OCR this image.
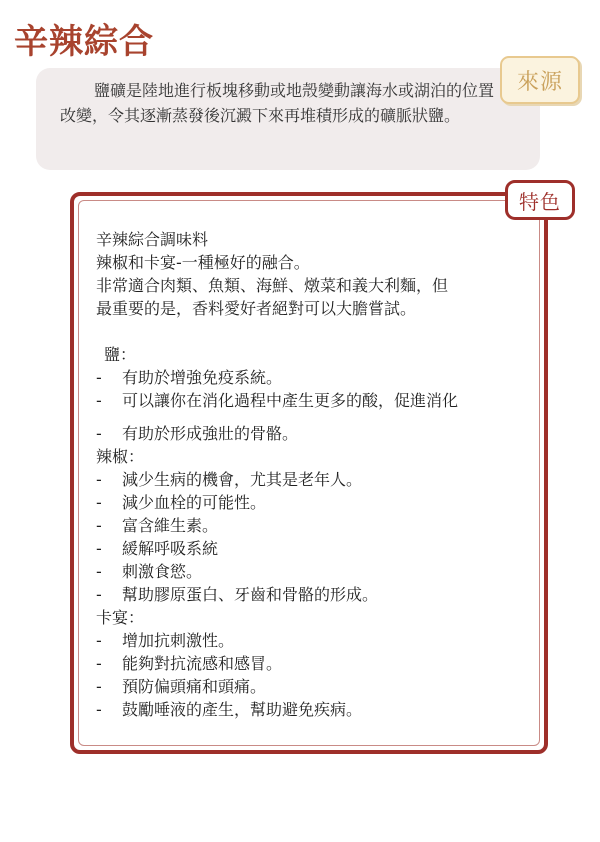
辛辣綜合
鹽礦是陸地進行板塊移動或地殼變動讓海水或湖泊的位置改變，令其逐漸蒸發後沉澱下來再堆積形成的礦脈狀鹽。
來源
特色
辛辣綜合調味料
辣椒和卡宴-一種極好的融合。
非常適合肉類、魚類、海鮮、燉菜和義大利麵，但
最重要的是，香料愛好者絕對可以大膽嘗試。
鹽：
-	有助於增強免疫系統。
-	可以讓你在消化過程中產生更多的酸，促進消化
-	有助於形成強壯的骨骼。
辣椒：
-	減少生病的機會，尤其是老年人。
-	減少血栓的可能性。
-	富含維生素。
-	緩解呼吸系統
-	刺激食慾。
-	幫助膠原蛋白、牙齒和骨骼的形成。
卡宴：
-	增加抗刺激性。
-	能夠對抗流感和感冒。
-	預防偏頭痛和頭痛。
-	鼓勵唾液的產生，幫助避免疾病。
